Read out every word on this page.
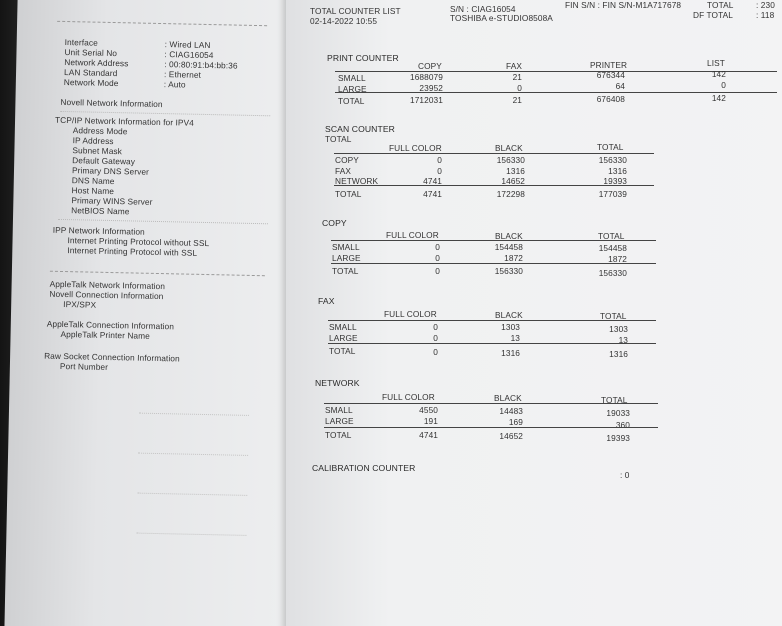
Interface	: Wired LAN
Unit Serial No	: CIAG16054
Network Address	: 00:80:91:b4:bb:36
LAN Standard	: Ethernet
Network Mode	: Auto
Novell Network Information
TCP/IP Network Information for IPV4
Address Mode
IP Address
Subnet Mask
Default Gateway
Primary DNS Server
DNS Name
Host Name
Primary WINS Server
NetBIOS Name
IPP Network Information
Internet Printing Protocol without SSL
Internet Printing Protocol with SSL
AppleTalk Network Information
Novell Connection Information
IPX/SPX
AppleTalk Connection Information
AppleTalk Printer Name
Raw Socket Connection Information
Port Number
TOTAL COUNTER LIST
02-14-2022 10:55
S/N : CIAG16054
TOSHIBA e-STUDIO8508A
FIN S/N : FIN S/N-M1A717678	TOTAL	: 230
DF TOTAL	: 118
PRINT COUNTER
COPY	FAX	PRINTER	LIST
SMALL	1688079	21	676344	142
LARGE	23952	0	64	0
TOTAL	1712031	21	676408	142
SCAN COUNTER
TOTAL
FULL COLOR	BLACK	TOTAL
COPY	0	156330	156330
FAX	0	1316	1316
NETWORK	4741	14652	19393
TOTAL	4741	172298	177039
COPY
FULL COLOR	BLACK	TOTAL
SMALL	0	154458	154458
LARGE	0	1872	1872
TOTAL	0	156330	156330
FAX
FULL COLOR	BLACK	TOTAL
SMALL	0	1303	1303
LARGE	0	13	13
TOTAL	0	1316	1316
NETWORK
FULL COLOR	BLACK	TOTAL
SMALL	4550	14483	19033
LARGE	191	169	360
TOTAL	4741	14652	19393
CALIBRATION COUNTER
: 0
